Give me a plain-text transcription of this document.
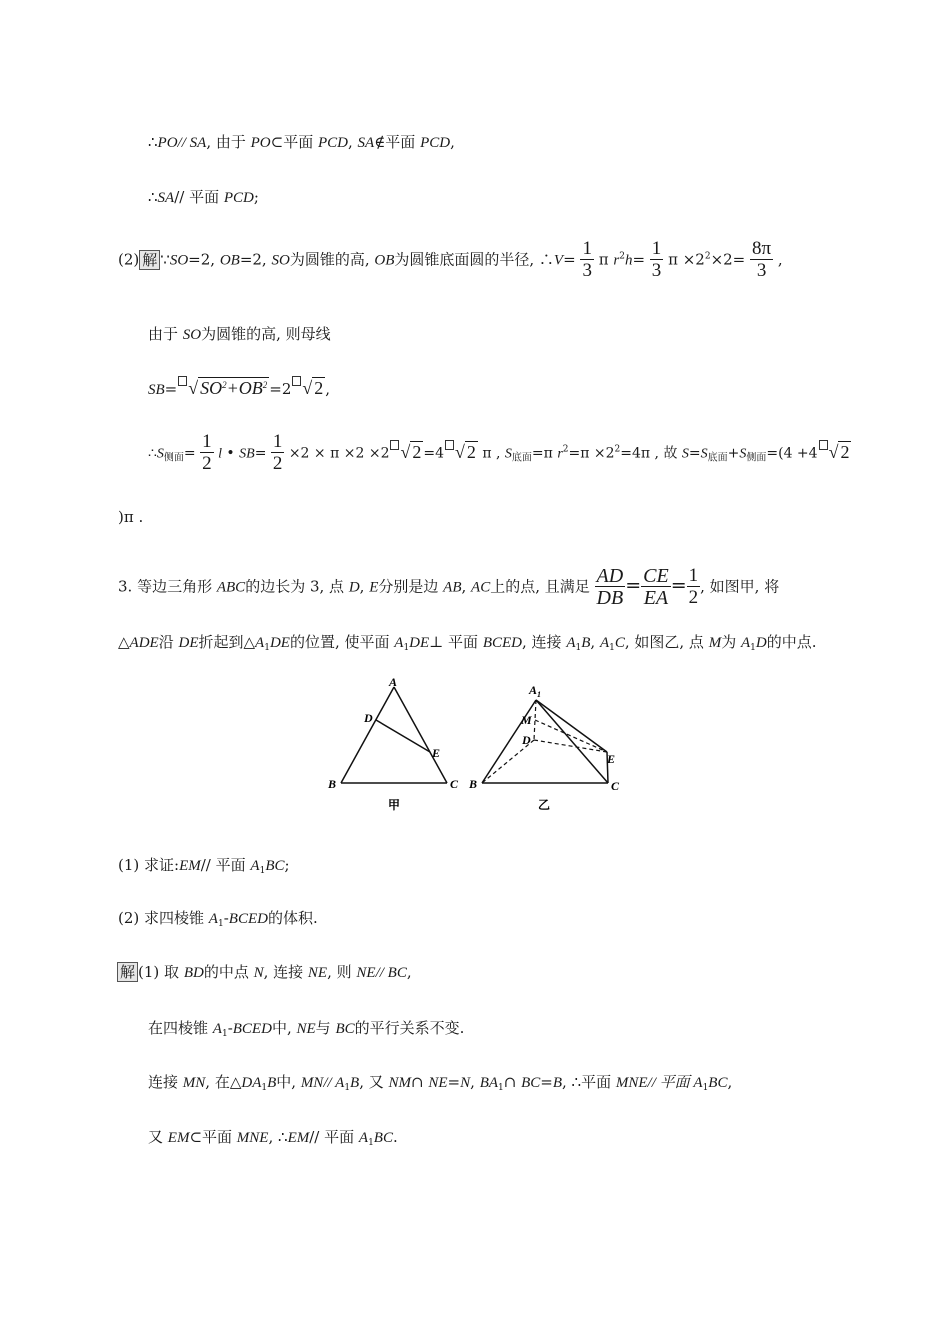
∴PO// SA, 由于 PO⊂平面 PCD, SA∉平面 PCD,
∴SA// 平面 PCD;
(2) 解 ∵SO=2, OB=2, SO为圆锥的高, OB为圆锥底面圆的半径, ∴V= $\frac{1}{3}$ π $r^2h= \frac{1}{3}$ $\pi \times 2^2\times 2= \frac{8\pi}{3}$ ,
由于 SO为圆锥的高, 则母线
SB= √ $SO^2+OB^2 =2$ √ 2 ,
$\therefore S_{侧面}= \frac{1}{2}$ l • $SB= \frac{1}{2} \times 2 \times \pi \times 2 \times 2$ √ 2 =4 √ 2 π , $S_{底面}=\pi$ $r^2=\pi \times 2^2=4\pi$ , 故 $S=S_{底面}+S_{侧面}=(4 +4$ √ 2
)π .
3. 等边三角形 ABC的边长为 3, 点 D, E分别是边 AB, AC上的点, 且满足 $\frac{AD}{DB} = \frac{CE}{EA} = \frac{1}{2}$ , 如图甲, 将
△ADE沿 DE折起到$\triangle A_1DE$的位置, 使平面 $A_1DE\perp$ 平面 BCED, 连接 $A_1B$, $A_1C$, 如图乙, 点 M为 $A_1D$的中点.
A
D
E
B	C
甲
$A_1$
M
D
E
B	C
乙
(1) 求证:EM// 平面 $A_1BC$;
(2) 求四棱锥 $A_1$-BCED的体积.
解 (1) 取 BD的中点 N, 连接 NE, 则 NE// BC,
在四棱锥 $A_1$-BCED中, NE与 BC的平行关系不变.
连接 MN, 在$\triangle DA_1B$中, MN// $A_1B$, 又 NM∩ NE=N, $BA_1\cap$ BC=B, ∴平面 MNE// 平面 $A_1BC$,
又 EM⊂平面 MNE, ∴EM// 平面 $A_1BC$.
